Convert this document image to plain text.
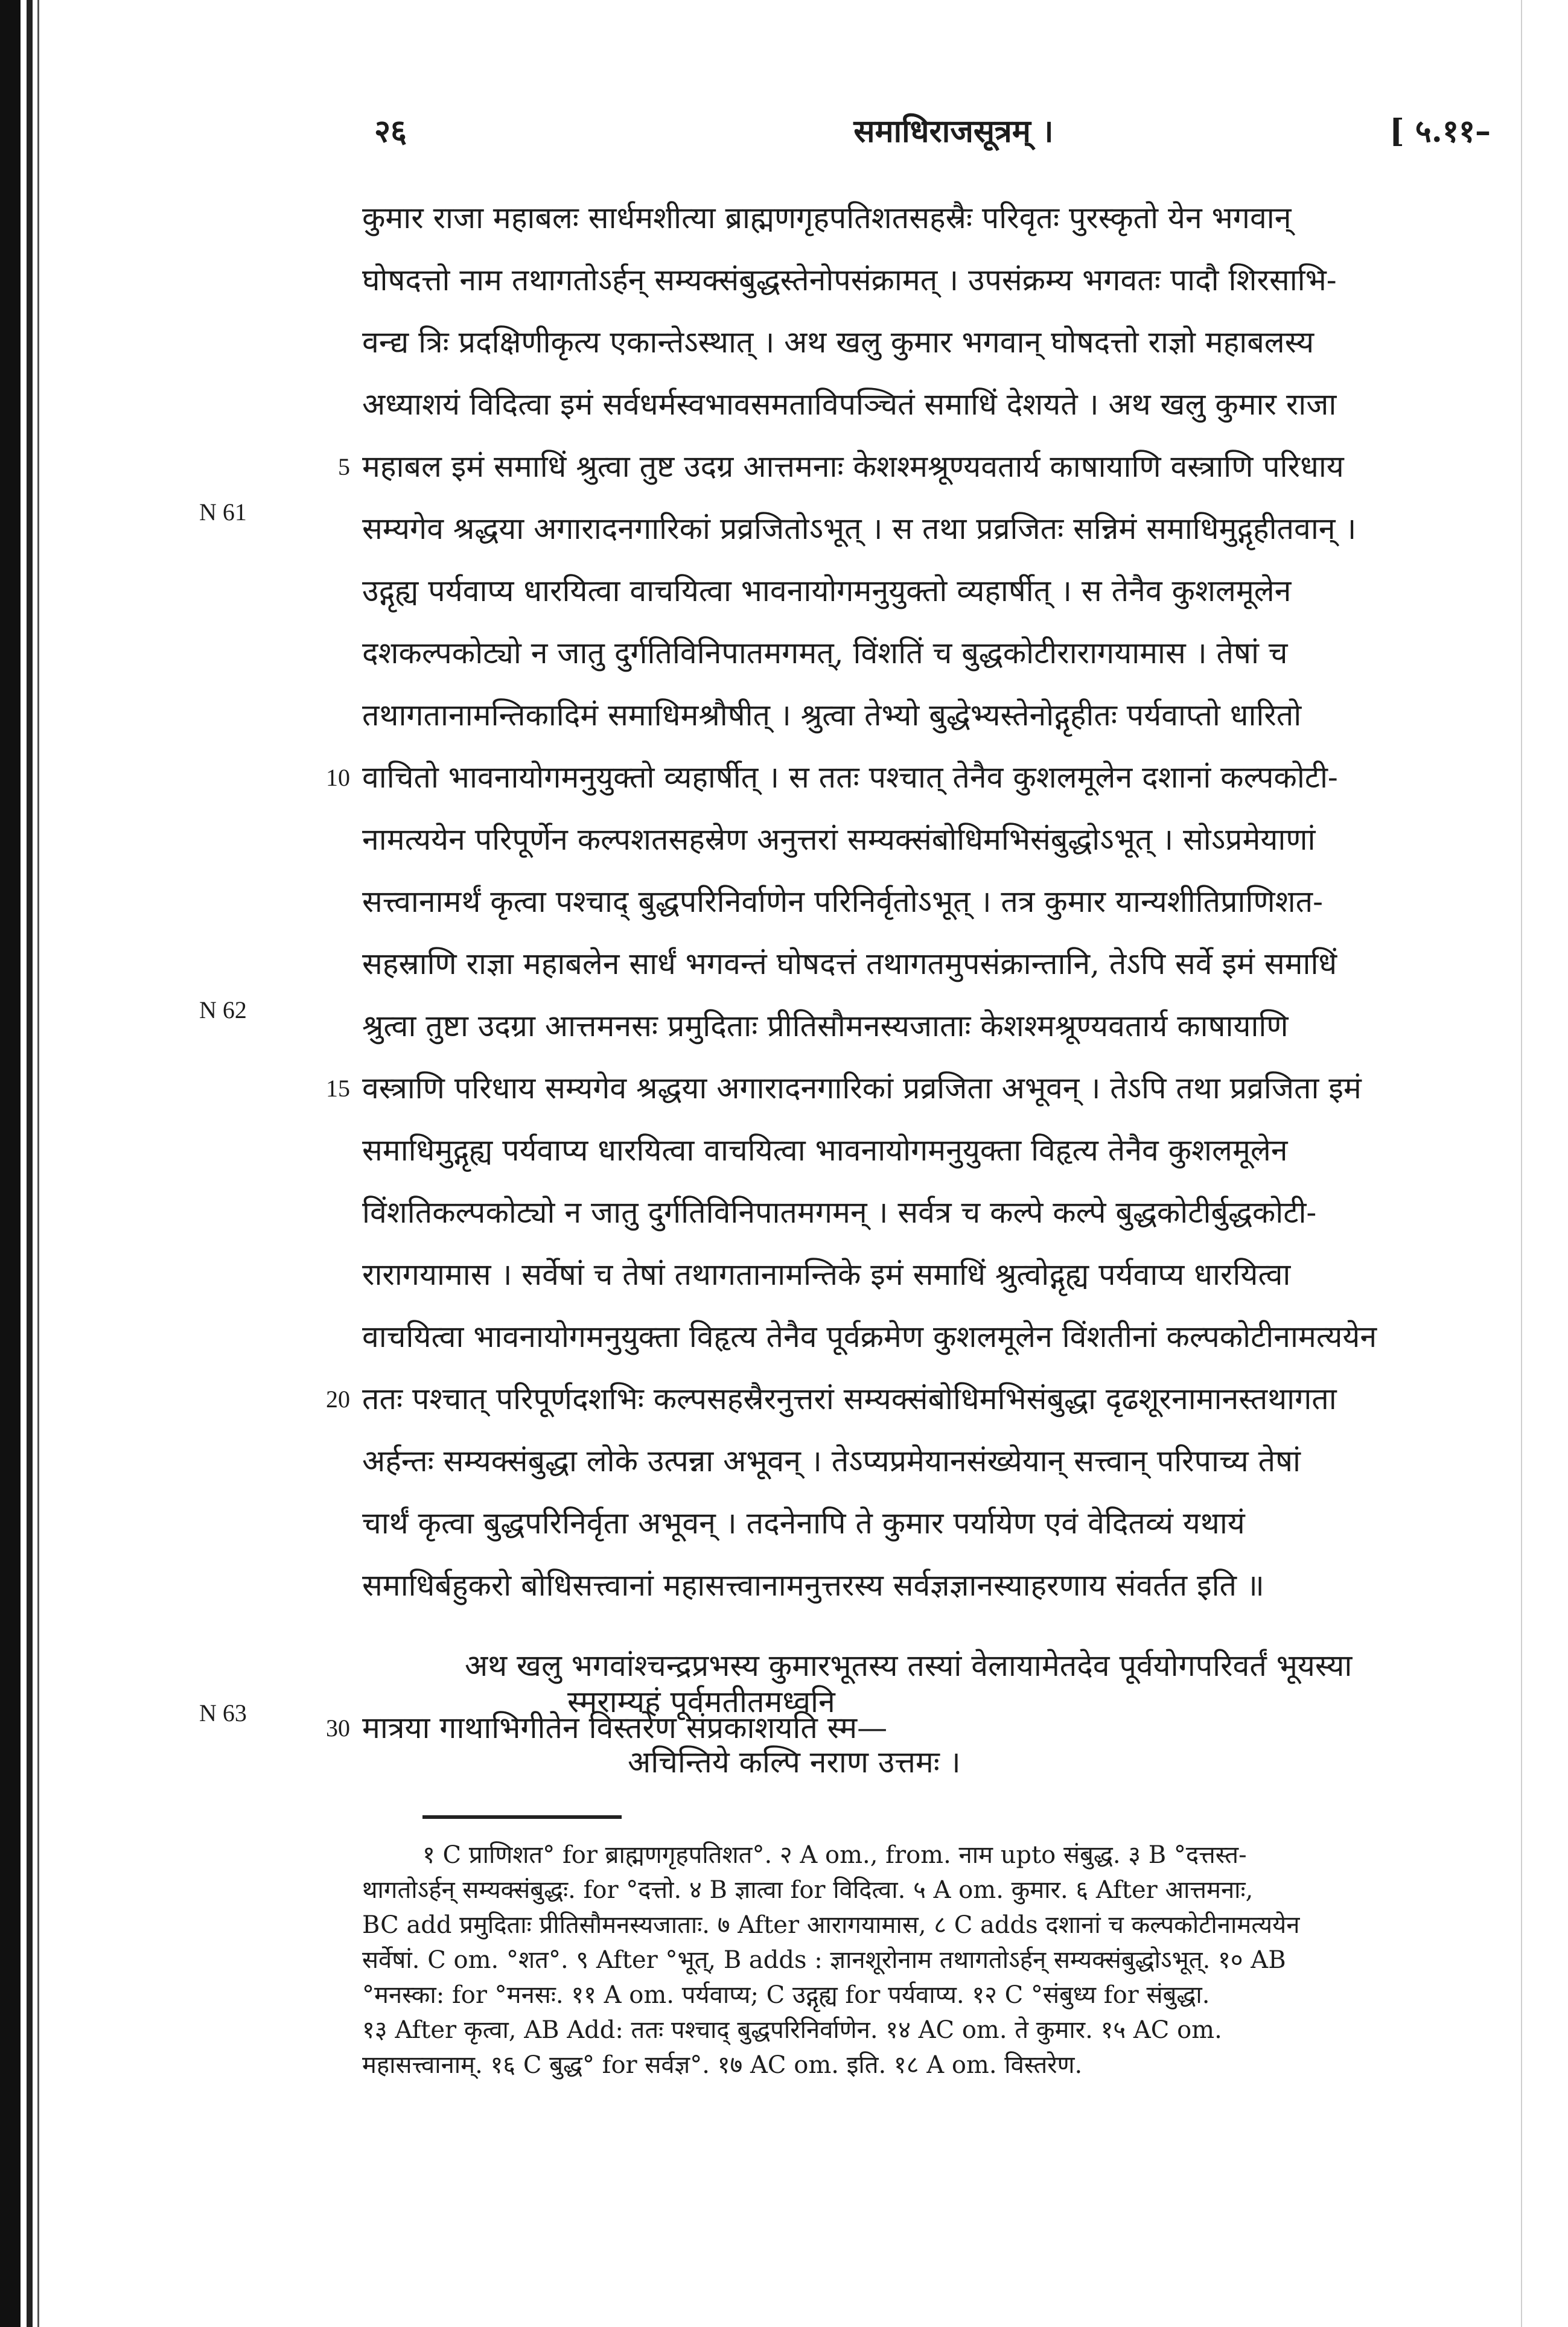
२६	समाधिराजसूत्रम् ।	[ ५.११–
N 61
N 62
N 63
कुमार राजा महाबलः सार्धमशीत्या ब्राह्मणगृहपतिशतसहस्रैः परिवृतः पुरस्कृतो येन भगवान्
घोषदत्तो नाम तथागतोऽर्हन् सम्यक्संबुद्धस्तेनोपसंक्रामत् । उपसंक्रम्य भगवतः पादौ शिरसाभि-
वन्द्य त्रिः प्रदक्षिणीकृत्य एकान्तेऽस्थात् । अथ खलु कुमार भगवान् घोषदत्तो राज्ञो महाबलस्य
अध्याशयं विदित्वा इमं सर्वधर्मस्वभावसमताविपञ्चितं समाधिं देशयते । अथ खलु कुमार राजा
5 महाबल इमं समाधिं श्रुत्वा तुष्ट उदग्र आत्तमनाः केशश्मश्रूण्यवतार्य काषायाणि वस्त्राणि परिधाय
सम्यगेव श्रद्धया अगारादनगारिकां प्रव्रजितोऽभूत् । स तथा प्रव्रजितः सन्निमं समाधिमुद्गृहीतवान् ।
उद्गृह्य पर्यवाप्य धारयित्वा वाचयित्वा भावनायोगमनुयुक्तो व्यहार्षीत् । स तेनैव कुशलमूलेन
दशकल्पकोट्यो न जातु दुर्गतिविनिपातमगमत्, विंशतिं च बुद्धकोटीरारागयामास । तेषां च
तथागतानामन्तिकादिमं समाधिमश्रौषीत् । श्रुत्वा तेभ्यो बुद्धेभ्यस्तेनोद्गृहीतः पर्यवाप्तो धारितो
10 वाचितो भावनायोगमनुयुक्तो व्यहार्षीत् । स ततः पश्चात् तेनैव कुशलमूलेन दशानां कल्पकोटी-
नामत्ययेन परिपूर्णेन कल्पशतसहस्रेण अनुत्तरां सम्यक्संबोधिमभिसंबुद्धोऽभूत् । सोऽप्रमेयाणां
सत्त्वानामर्थं कृत्वा पश्चाद् बुद्धपरिनिर्वाणेन परिनिर्वृतोऽभूत् । तत्र कुमार यान्यशीतिप्राणिशत-
सहस्राणि राज्ञा महाबलेन सार्धं भगवन्तं घोषदत्तं तथागतमुपसंक्रान्तानि, तेऽपि सर्वे इमं समाधिं
श्रुत्वा तुष्टा उदग्रा आत्तमनसः प्रमुदिताः प्रीतिसौमनस्यजाताः केशश्मश्रूण्यवतार्य काषायाणि
15 वस्त्राणि परिधाय सम्यगेव श्रद्धया अगारादनगारिकां प्रव्रजिता अभूवन् । तेऽपि तथा प्रव्रजिता इमं
समाधिमुद्गृह्य पर्यवाप्य धारयित्वा वाचयित्वा भावनायोगमनुयुक्ता विहृत्य तेनैव कुशलमूलेन
विंशतिकल्पकोट्यो न जातु दुर्गतिविनिपातमगमन् । सर्वत्र च कल्पे कल्पे बुद्धकोटीर्बुद्धकोटी-
रारागयामास । सर्वेषां च तेषां तथागतानामन्तिके इमं समाधिं श्रुत्वोद्गृह्य पर्यवाप्य धारयित्वा
वाचयित्वा भावनायोगमनुयुक्ता विहृत्य तेनैव पूर्वक्रमेण कुशलमूलेन विंशतीनां कल्पकोटीनामत्ययेन
20 ततः पश्चात् परिपूर्णदशभिः कल्पसहस्रैरनुत्तरां सम्यक्संबोधिमभिसंबुद्धा दृढशूरनामानस्तथागता
अर्हन्तः सम्यक्संबुद्धा लोके उत्पन्ना अभूवन् । तेऽप्यप्रमेयानसंख्येयान् सत्त्वान् परिपाच्य तेषां
चार्थं कृत्वा बुद्धपरिनिर्वृता अभूवन् । तदनेनापि ते कुमार पर्यायेण एवं वेदितव्यं यथायं
समाधिर्बहुकरो बोधिसत्त्वानां महासत्त्वानामनुत्तरस्य सर्वज्ञज्ञानस्याहरणाय संवर्तत इति ॥
अथ खलु भगवांश्चन्द्रप्रभस्य कुमारभूतस्य तस्यां वेलायामेतदेव पूर्वयोगपरिवर्तं भूयस्या
30 मात्रया गाथाभिगीतेन विस्तरेण संप्रकाशयति स्म—
स्मराम्यहं पूर्वमतीतमध्वनि
अचिन्तिये कल्पि नराण उत्तमः ।
१ C प्राणिशत° for ब्राह्मणगृहपतिशत°. २ A om., from. नाम upto संबुद्ध. ३ B °दत्तस्त-
थागतोऽर्हन् सम्यक्संबुद्धः. for °दत्तो. ४ B ज्ञात्वा for विदित्वा. ५ A om. कुमार. ६ After आत्तमनाः,
BC add प्रमुदिताः प्रीतिसौमनस्यजाताः. ७ After आरागयामास, ८ C adds दशानां च कल्पकोटीनामत्ययेन
सर्वेषां. C om. °शत°. ९ After °भूत्, B adds : ज्ञानशूरोनाम तथागतोऽर्हन् सम्यक्संबुद्धोऽभूत्. १० AB
°मनस्का: for °मनसः. ११ A om. पर्यवाप्य; C उद्गृह्य for पर्यवाप्य. १२ C °संबुध्य for संबुद्धा.
१३ After कृत्वा, AB Add: ततः पश्चाद् बुद्धपरिनिर्वाणेन. १४ AC om. ते कुमार. १५ AC om.
महासत्त्वानाम्. १६ C बुद्ध° for सर्वज्ञ°. १७ AC om. इति. १८ A om. विस्तरेण.
